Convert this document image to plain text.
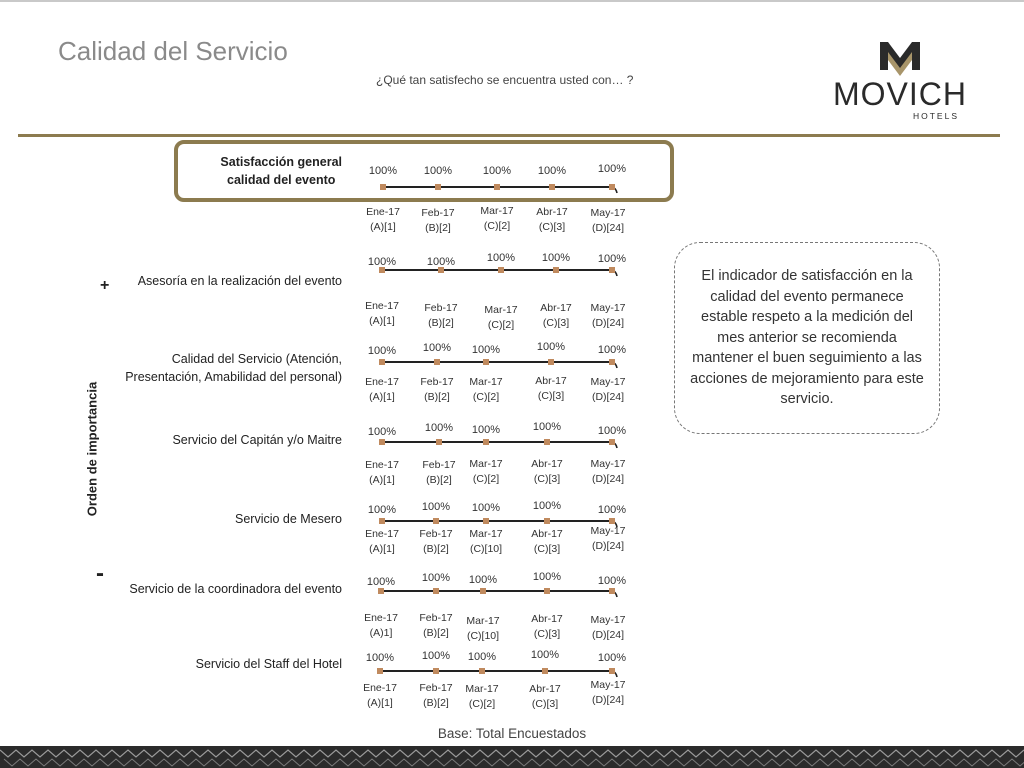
Calidad del Servicio
¿Qué tan satisfecho se encuentra usted con… ?	MOVICH
HOTELS
El indicador de satisfacción en la calidad del evento permanece estable respeto a la medición del mes anterior se recomienda mantener el buen seguimiento a las acciones de mejoramiento para este servicio.
Orden de importancia
+
-
Satisfacción general
calidad del evento
Asesoría en la realización del evento
Calidad del Servicio (Atención,
Presentación, Amabilidad del personal)
Servicio del Capitán y/o Maitre
Servicio de Mesero
Servicio de la coordinadora del evento
Servicio del Staff del Hotel
100%
Ene-17
(A)[1]
100%
Feb-17
(B)[2]
100%
Mar-17
(C)[2]
100%
Abr-17
(C)[3]
100%
May-17
(D)[24]
100%
Ene-17
(A)[1]
100%
Feb-17
(B)[2]
100%
Mar-17
(C)[2]
100%
Abr-17
(C)[3]
100%
May-17
(D)[24]
100%
Ene-17
(A)[1]
100%
Feb-17
(B)[2]
100%
Mar-17
(C)[2]
100%
Abr-17
(C)[3]
100%
May-17
(D)[24]
100%
Ene-17
(A)[1]
100%
Feb-17
(B)[2]
100%
Mar-17
(C)[2]
100%
Abr-17
(C)[3]
100%
May-17
(D)[24]
100%
Ene-17
(A)[1]
100%
Feb-17
(B)[2]
100%
Mar-17
(C)[10]
100%
Abr-17
(C)[3]
100%
May-17
(D)[24]
100%
Ene-17
(A)1]
100%
Feb-17
(B)[2]
100%
Mar-17
(C)[10]
100%
Abr-17
(C)[3]
100%
May-17
(D)[24]
100%
Ene-17
(A)[1]
100%
Feb-17
(B)[2]
100%
Mar-17
(C)[2]
100%
Abr-17
(C)[3]
100%
May-17
(D)[24]
Base: Total Encuestados
